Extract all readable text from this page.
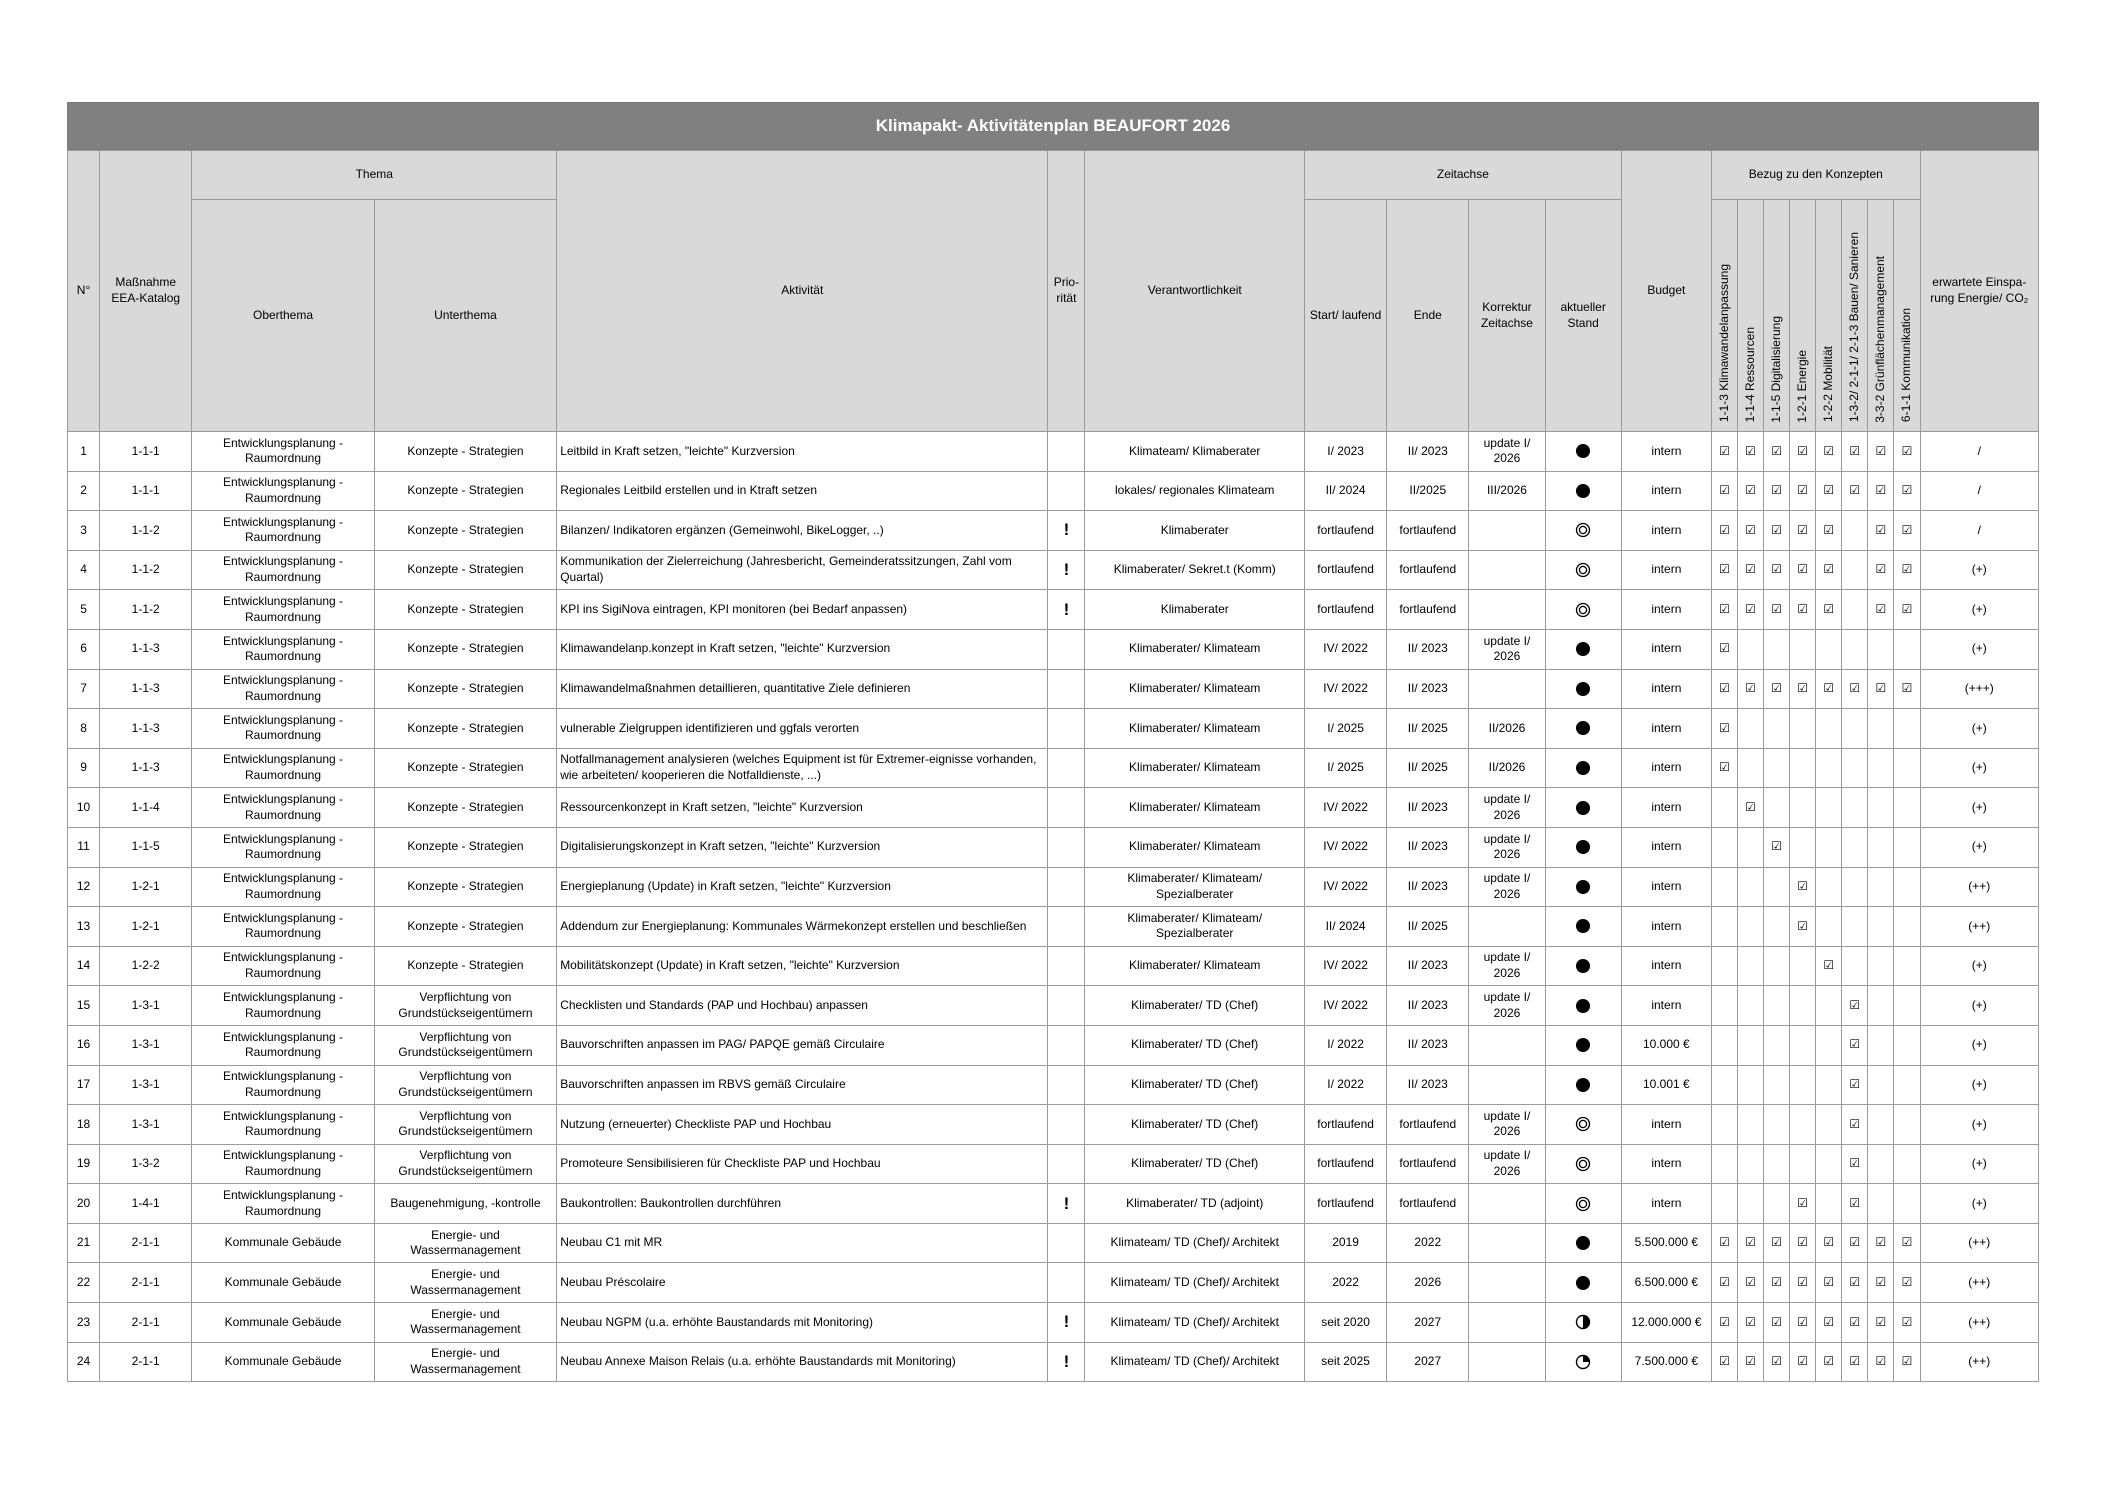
Klimapakt- Aktivitätenplan BEAUFORT 2026
N°	Maßnahme EEA-Katalog	Thema		Aktivität	Prio-rität	Verantwortlichkeit	Zeitachse				Budget	Bezug zu den Konzepten								erwartete Einspa-rung Energie/ CO₂
		Oberthema	Unterthema				Start/ laufend	Ende	Korrektur Zeitachse	aktueller Stand		1-1-3 Klimawandelanpassung	1-1-4 Ressourcen	1-1-5 Digitalisierung	1-2-1 Energie	1-2-2 Mobilität	1-3-2/ 2-1-1/ 2-1-3 Bauen/ Sanieren	3-3-2 Grünflächenmanagement	6-1-1 Kommunikation	
1	1-1-1	Entwicklungsplanung - Raumordnung	Konzepte - Strategien	Leitbild in Kraft setzen, "leichte" Kurzversion		Klimateam/ Klimaberater	I/ 2023	II/ 2023	update I/ 2026		intern	☑	☑	☑	☑	☑	☑	☑	☑	/
2	1-1-1	Entwicklungsplanung - Raumordnung	Konzepte - Strategien	Regionales Leitbild erstellen und in Ktraft setzen		lokales/ regionales Klimateam	II/ 2024	II/2025	III/2026		intern	☑	☑	☑	☑	☑	☑	☑	☑	/
3	1-1-2	Entwicklungsplanung - Raumordnung	Konzepte - Strategien	Bilanzen/ Indikatoren ergänzen (Gemeinwohl, BikeLogger, ..)	!	Klimaberater	fortlaufend	fortlaufend			intern	☑	☑	☑	☑	☑		☑	☑	/
4	1-1-2	Entwicklungsplanung - Raumordnung	Konzepte - Strategien	Kommunikation der Zielerreichung (Jahresbericht, Gemeinderatssitzungen, Zahl vom Quartal)	!	Klimaberater/ Sekret.t (Komm)	fortlaufend	fortlaufend			intern	☑	☑	☑	☑	☑		☑	☑	(+)
5	1-1-2	Entwicklungsplanung - Raumordnung	Konzepte - Strategien	KPI ins SigiNova eintragen, KPI monitoren (bei Bedarf anpassen)	!	Klimaberater	fortlaufend	fortlaufend			intern	☑	☑	☑	☑	☑		☑	☑	(+)
6	1-1-3	Entwicklungsplanung - Raumordnung	Konzepte - Strategien	Klimawandelanp.konzept in Kraft setzen, "leichte" Kurzversion		Klimaberater/ Klimateam	IV/ 2022	II/ 2023	update I/ 2026		intern	☑								(+)
7	1-1-3	Entwicklungsplanung - Raumordnung	Konzepte - Strategien	Klimawandelmaßnahmen detaillieren, quantitative Ziele definieren		Klimaberater/ Klimateam	IV/ 2022	II/ 2023			intern	☑	☑	☑	☑	☑	☑	☑	☑	(+++)
8	1-1-3	Entwicklungsplanung - Raumordnung	Konzepte - Strategien	vulnerable Zielgruppen identifizieren und ggfals verorten		Klimaberater/ Klimateam	I/ 2025	II/ 2025	II/2026		intern	☑								(+)
9	1-1-3	Entwicklungsplanung - Raumordnung	Konzepte - Strategien	Notfallmanagement analysieren (welches Equipment ist für Extremer-eignisse vorhanden, wie arbeiteten/ kooperieren die Notfalldienste, ...)		Klimaberater/ Klimateam	I/ 2025	II/ 2025	II/2026		intern	☑								(+)
10	1-1-4	Entwicklungsplanung - Raumordnung	Konzepte - Strategien	Ressourcenkonzept in Kraft setzen, "leichte" Kurzversion		Klimaberater/ Klimateam	IV/ 2022	II/ 2023	update I/ 2026		intern		☑							(+)
11	1-1-5	Entwicklungsplanung - Raumordnung	Konzepte - Strategien	Digitalisierungskonzept in Kraft setzen, "leichte" Kurzversion		Klimaberater/ Klimateam	IV/ 2022	II/ 2023	update I/ 2026		intern			☑						(+)
12	1-2-1	Entwicklungsplanung - Raumordnung	Konzepte - Strategien	Energieplanung (Update) in Kraft setzen, "leichte" Kurzversion		Klimaberater/ Klimateam/ Spezialberater	IV/ 2022	II/ 2023	update I/ 2026		intern				☑					(++)
13	1-2-1	Entwicklungsplanung - Raumordnung	Konzepte - Strategien	Addendum zur Energieplanung: Kommunales Wärmekonzept erstellen und beschließen		Klimaberater/ Klimateam/ Spezialberater	II/ 2024	II/ 2025			intern				☑					(++)
14	1-2-2	Entwicklungsplanung - Raumordnung	Konzepte - Strategien	Mobilitätskonzept (Update) in Kraft setzen, "leichte" Kurzversion		Klimaberater/ Klimateam	IV/ 2022	II/ 2023	update I/ 2026		intern					☑				(+)
15	1-3-1	Entwicklungsplanung - Raumordnung	Verpflichtung von Grundstückseigentümern	Checklisten und Standards (PAP und Hochbau) anpassen		Klimaberater/ TD (Chef)	IV/ 2022	II/ 2023	update I/ 2026		intern						☑			(+)
16	1-3-1	Entwicklungsplanung - Raumordnung	Verpflichtung von Grundstückseigentümern	Bauvorschriften anpassen im PAG/ PAPQE gemäß Circulaire		Klimaberater/ TD (Chef)	I/ 2022	II/ 2023			10.000 €						☑			(+)
17	1-3-1	Entwicklungsplanung - Raumordnung	Verpflichtung von Grundstückseigentümern	Bauvorschriften anpassen im RBVS gemäß Circulaire		Klimaberater/ TD (Chef)	I/ 2022	II/ 2023			10.001 €						☑			(+)
18	1-3-1	Entwicklungsplanung - Raumordnung	Verpflichtung von Grundstückseigentümern	Nutzung (erneuerter) Checkliste PAP und Hochbau		Klimaberater/ TD (Chef)	fortlaufend	fortlaufend	update I/ 2026		intern						☑			(+)
19	1-3-2	Entwicklungsplanung - Raumordnung	Verpflichtung von Grundstückseigentümern	Promoteure Sensibilisieren für Checkliste PAP und Hochbau		Klimaberater/ TD (Chef)	fortlaufend	fortlaufend	update I/ 2026		intern						☑			(+)
20	1-4-1	Entwicklungsplanung - Raumordnung	Baugenehmigung, -kontrolle	Baukontrollen: Baukontrollen durchführen	!	Klimaberater/ TD (adjoint)	fortlaufend	fortlaufend			intern				☑		☑			(+)
21	2-1-1	Kommunale Gebäude	Energie- und Wassermanagement	Neubau C1 mit MR		Klimateam/ TD (Chef)/ Architekt	2019	2022			5.500.000 €	☑	☑	☑	☑	☑	☑	☑	☑	(++)
22	2-1-1	Kommunale Gebäude	Energie- und Wassermanagement	Neubau Préscolaire		Klimateam/ TD (Chef)/ Architekt	2022	2026			6.500.000 €	☑	☑	☑	☑	☑	☑	☑	☑	(++)
23	2-1-1	Kommunale Gebäude	Energie- und Wassermanagement	Neubau NGPM (u.a. erhöhte Baustandards mit Monitoring)	!	Klimateam/ TD (Chef)/ Architekt	seit 2020	2027			12.000.000 €	☑	☑	☑	☑	☑	☑	☑	☑	(++)
24	2-1-1	Kommunale Gebäude	Energie- und Wassermanagement	Neubau Annexe Maison Relais (u.a. erhöhte Baustandards mit Monitoring)	!	Klimateam/ TD (Chef)/ Architekt	seit 2025	2027			7.500.000 €	☑	☑	☑	☑	☑	☑	☑	☑	(++)
